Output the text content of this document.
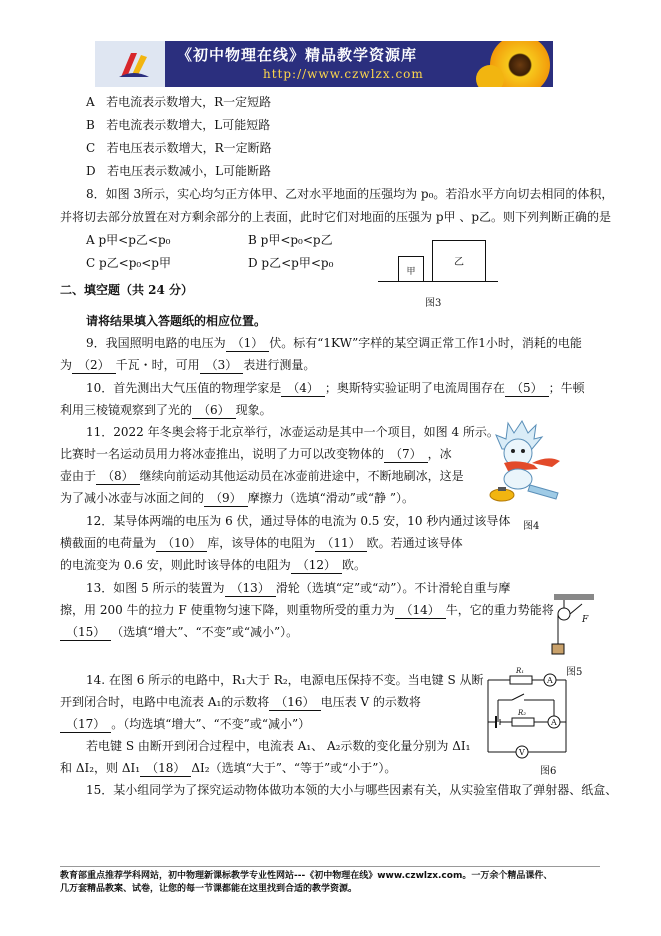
《初中物理在线》精品教学资源库
http://www.czwlzx.com
A 若电流表示数增大，R一定短路
B 若电流表示数增大，L可能短路
C 若电压表示数增大，R一定断路
D 若电压表示数减小，L可能断路
8．如图 3所示，实心均匀正方体甲、乙对水平地面的压强均为 p₀。若沿水平方向切去相同的体积，
并将切去部分放置在对方剩余部分的上表面，此时它们对地面的压强为 p甲 、p乙。则下列判断正确的是
A p甲<p乙<p₀	B p甲<p₀<p乙
C p乙<p₀<p甲	D p乙<p甲<p₀
甲
乙
图3
二、填空题（共 24 分）
请将结果填入答题纸的相应位置。
9．我国照明电路的电压为 （1） 伏。标有“1KW”字样的某空调正常工作1小时，消耗的电能
为 （2） 千瓦・时，可用 （3） 表进行测量。
10．首先测出大气压值的物理学家是 （4） ；奥斯特实验证明了电流周围存在 （5） ；牛顿
利用三棱镜观察到了光的 （6） 现象。
11．2022 年冬奥会将于北京举行，冰壶运动是其中一个项目，如图 4 所示。
比赛时一名运动员用力将冰壶推出，说明了力可以改变物体的 （7） ，冰
壶由于 （8） 继续向前运动其他运动员在冰壶前进途中，不断地刷冰，这是
为了减小冰壶与冰面之间的 （9） 摩擦力（选填“滑动”或“静 ”）。
图4
12．某导体两端的电压为 6 伏，通过导体的电流为 0.5 安，10 秒内通过该导体
横截面的电荷量为 （10） 库，该导体的电阻为 （11） 欧。若通过该导体
的电流变为 0.6 安，则此时该导体的电阻为 （12） 欧。
13．如图 5 所示的装置为 （13） 滑轮（选填“定”或“动”）。不计滑轮自重与摩
擦，用 200 牛的拉力 F 使重物匀速下降，则重物所受的重力为 （14） 牛，它的重力势能将
（15） （选填“增大”、“不变”或“减小”）。
F
图5
14. 在图 6 所示的电路中，R₁大于 R₂，电源电压保持不变。当电键 S 从断
开到闭合时，电路中电流表 A₁的示数将 （16） 电压表 V 的示数将
（17） 。（均选填“增大”、“不变”或“减小”）
若电键 S 由断开到闭合过程中，电流表 A₁、 A₂示数的变化量分别为 ΔI₁
和 ΔI₂，则 ΔI₁ （18） ΔI₂（选填“大于”、“等于”或“小于”）。
A
A
V
R₁
R₂
图6
15．某小组同学为了探究运动物体做功本领的大小与哪些因素有关，从实验室借取了弹射器、纸盒、
教育部重点推荐学科网站，初中物理新课标教学专业性网站---《初中物理在线》www.czwlzx.com。一万余个精品课件、
几万套精品教案、试卷，让您的每一节课都能在这里找到合适的教学资源。
